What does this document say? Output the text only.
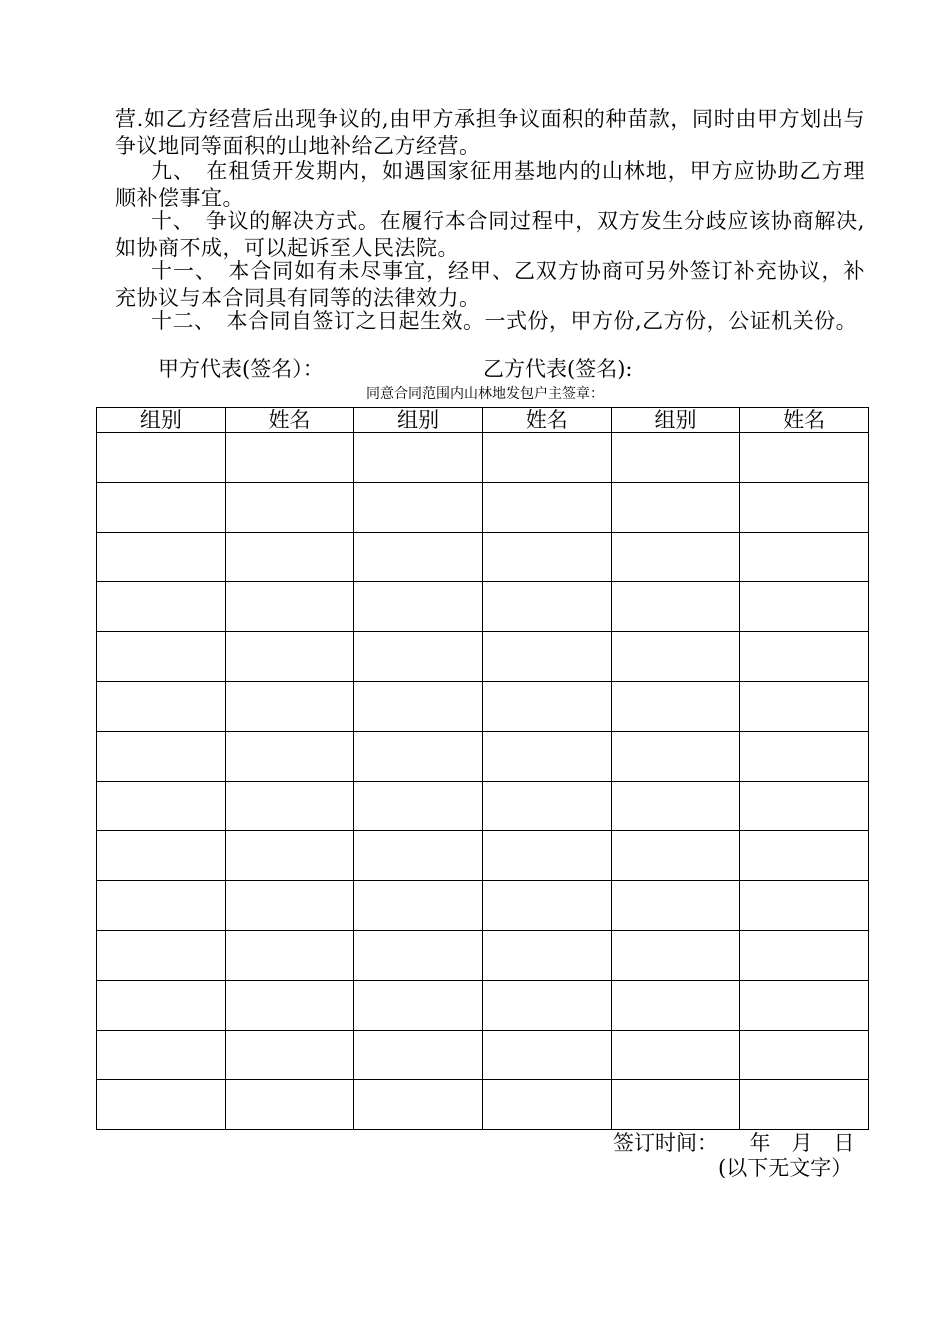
营.如乙方经营后出现争议的,由甲方承担争议面积的种苗款，同时由甲方划出与争议地同等面积的山地补给乙方经营。

九、　在租赁开发期内，如遇国家征用基地内的山林地，甲方应协助乙方理顺补偿事宜。

十、　争议的解决方式。在履行本合同过程中，双方发生分歧应该协商解决,如协商不成，可以起诉至人民法院。

十一、　本合同如有未尽事宜，经甲、乙双方协商可另外签订补充协议，补充协议与本合同具有同等的法律效力。

十二、　本合同自签订之日起生效。一式份，甲方份,乙方份，公证机关份。

甲方代表(签名）：	乙方代表(签名):
同意合同范围内山林地发包户主签章：
组别	姓名	组别	姓名	组别	姓名

签订时间：　　年　月　日
(以下无文字）
